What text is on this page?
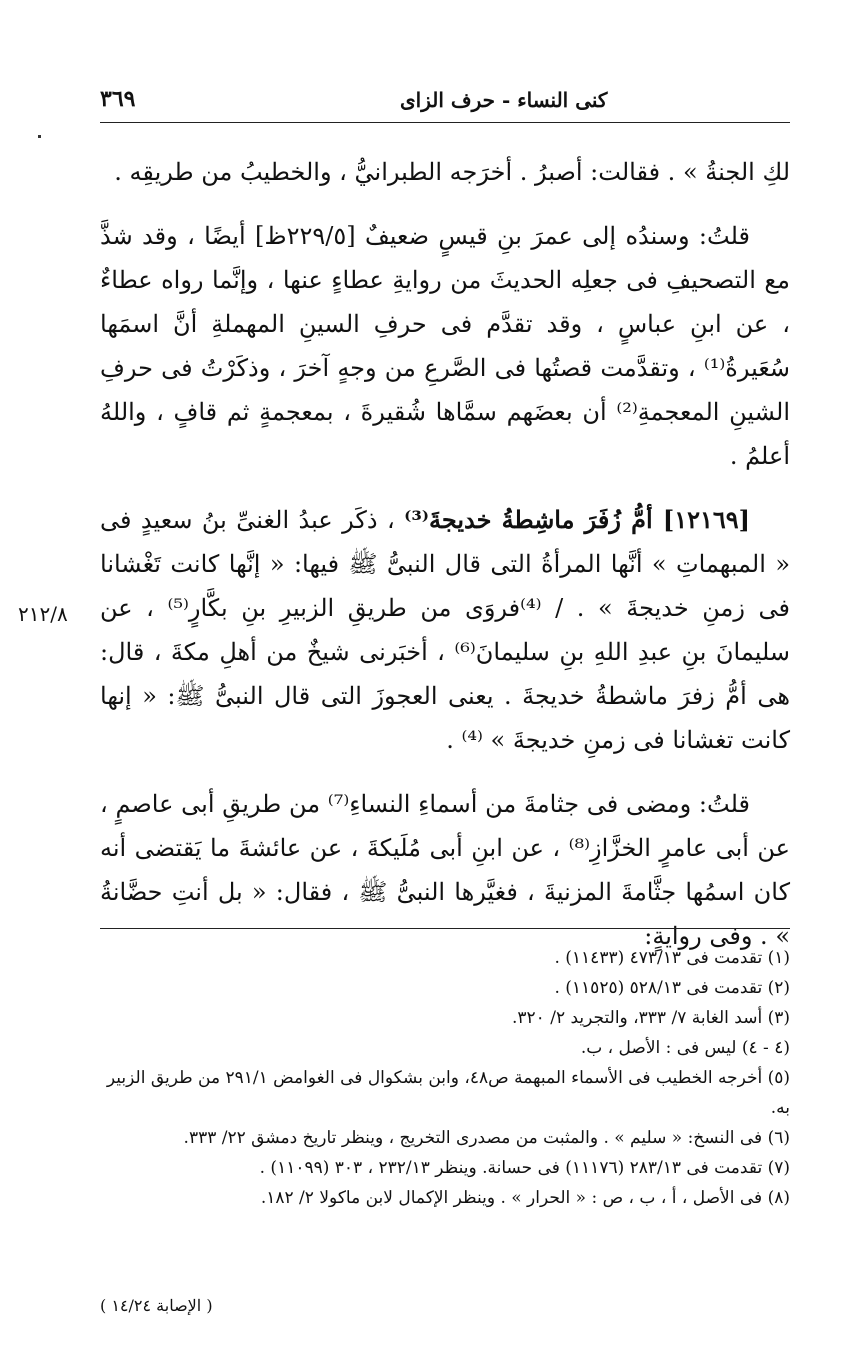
كنى النساء - حرف الزاى
٣٦٩

لكِ الجنةُ » . فقالت: أصبرُ . أخرَجه الطبرانيُّ ، والخطيبُ من طريقِه .

قلتُ: وسندُه إلى عمرَ بنِ قيسٍ ضعيفٌ [٢٢٩/٥ظ] أيضًا ، وقد شذَّ مع التصحيفِ فى جعلِه الحديثَ من روايةِ عطاءٍ عنها ، وإنَّما رواه عطاءٌ ، عن ابنِ عباسٍ ، وقد تقدَّم فى حرفِ السينِ المهملةِ أنَّ اسمَها سُعَيرةُ⁽¹⁾ ، وتقدَّمت قصتُها فى الصَّرعِ من وجهٍ آخرَ ، وذكَرْتُ فى حرفِ الشينِ المعجمةِ⁽²⁾ أن بعضَهم سمَّاها شُقيرةَ ، بمعجمةٍ ثم قافٍ ، واللهُ أعلمُ .

[١٢١٦٩] أمُّ زُفَرَ ماشِطةُ خديجةَ⁽³⁾ ، ذكَر عبدُ الغنىِّ بنُ سعيدٍ فى « المبهماتِ » أنَّها المرأةُ التى قال النبىُّ ﷺ فيها: « إنَّها كانت تَغْشانا فى زمنِ خديجةَ » . / ⁽⁴⁾فروَى من طريقِ الزبيرِ بنِ بكَّارٍ⁽⁵⁾ ، عن سليمانَ بنِ عبدِ اللهِ بنِ سليمانَ⁽⁶⁾ ، أخبَرنى شيخٌ من أهلِ مكةَ ، قال: هى أمُّ زفرَ ماشطةُ خديجةَ . يعنى العجوزَ التى قال النبىُّ ﷺ: « إنها كانت تغشانا فى زمنِ خديجةَ » ⁽⁴⁾ .

قلتُ: ومضى فى جثامةَ من أسماءِ النساءِ⁽⁷⁾ من طريقِ أبى عاصمٍ ، عن أبى عامرٍ الخزَّازِ⁽⁸⁾ ، عن ابنِ أبى مُلَيكةَ ، عن عائشةَ ما يَقتضى أنه كان اسمُها جثَّامةَ المزنيةَ ، فغيَّرها النبىُّ ﷺ ، فقال: « بل أنتِ حضَّانةُ » . وفى روايةٍ:

٢١٢/٨
(١) تقدمت فى ٤٧٣/١٣ (١١٤٣٣) .
(٢) تقدمت فى ٥٢٨/١٣ (١١٥٢٥) .
(٣) أسد الغابة ٧/ ٣٣٣، والتجريد ٢/ ٣٢٠.
(٤ - ٤) ليس فى : الأصل ، ب.
(٥) أخرجه الخطيب فى الأسماء المبهمة ص٤٨، وابن بشكوال فى الغوامض ٢٩١/١ من طريق الزبير به.
(٦) فى النسخ: « سليم » . والمثبت من مصدرى التخريج ، وينظر تاريخ دمشق ٢٢/ ٣٣٣.
(٧) تقدمت فى ٢٨٣/١٣ (١١١٧٦) فى حسانة. وينظر ٢٣٢/١٣ ، ٣٠٣ (١١٠٩٩) .
(٨) فى الأصل ، أ ، ب ، ص : « الحرار » . وينظر الإكمال لابن ماكولا ٢/ ١٨٢.
( الإصابة ١٤/٢٤ )
